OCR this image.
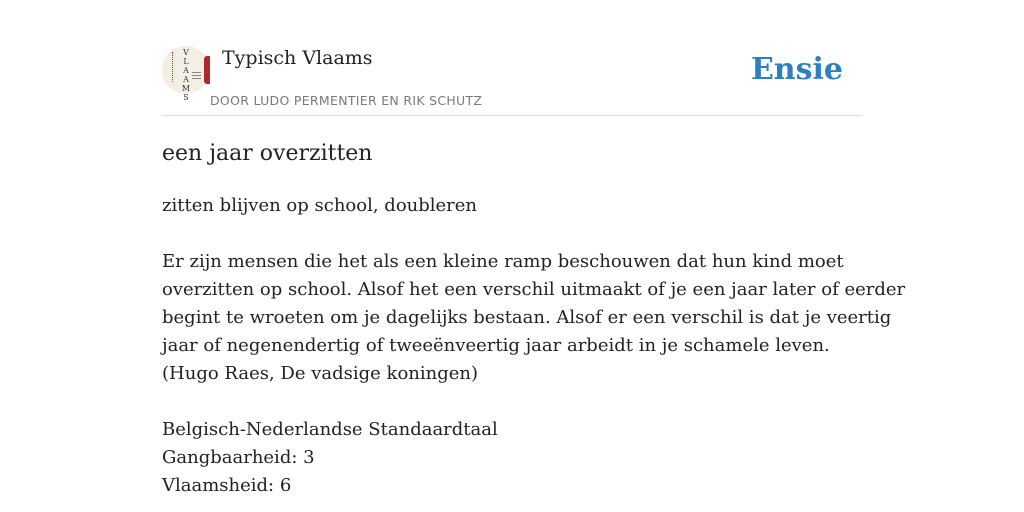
V
L
A
A
M
S
Typisch Vlaams
DOOR LUDO PERMENTIER EN RIK SCHUTZ
Ensie
een jaar overzitten

zitten blijven op school, doubleren

Er zijn mensen die het als een kleine ramp beschouwen dat hun kind moet

overzitten op school. Alsof het een verschil uitmaakt of je een jaar later of eerder

begint te wroeten om je dagelijks bestaan. Alsof er een verschil is dat je veertig

jaar of negenendertig of tweeënveertig jaar arbeidt in je schamele leven.

(Hugo Raes, De vadsige koningen)

Belgisch-Nederlandse Standaardtaal

Gangbaarheid: 3

Vlaamsheid: 6
